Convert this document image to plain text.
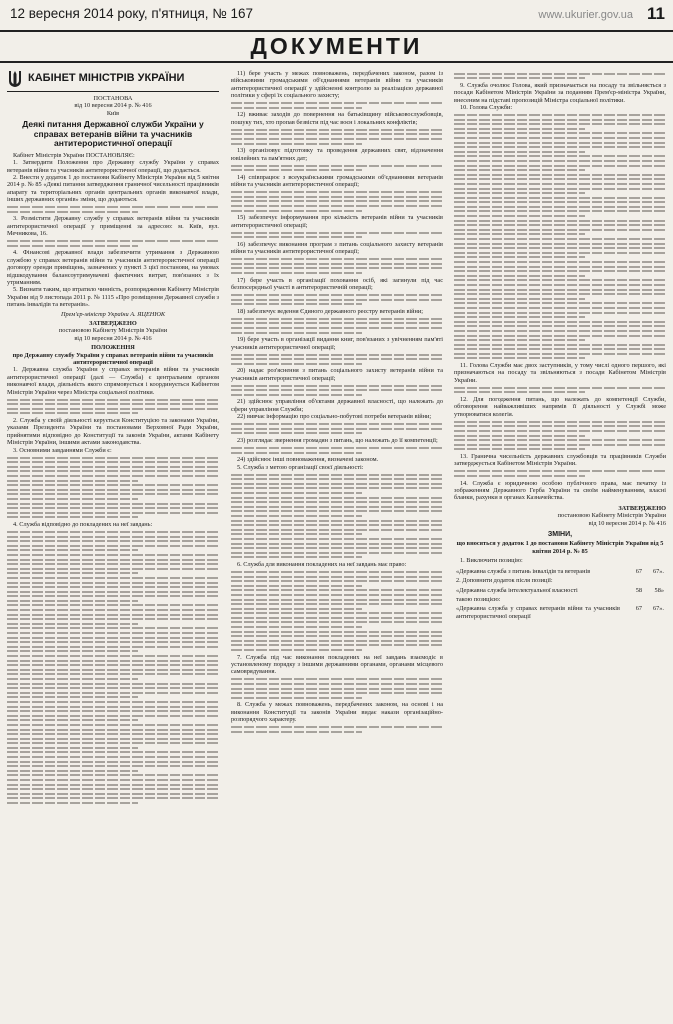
12 вересня 2014 року, п'ятниця, № 167	www.ukurier.gov.ua 11
ДОКУМЕНТИ
КАБІНЕТ МІНІСТРІВ УКРАЇНИ

ПОСТАНОВА

від 10 вересня 2014 р. № 416

Київ

Деякі питання Державної служби України у справах ветеранів війни та учасників антитерористичної операції

Кабінет Міністрів України ПОСТАНОВЛЯЄ:

1. Затвердити Положення про Державну службу України у справах ветеранів війни та учасників антитерористичної операції, що додається.

2. Внести у додаток 1 до постанови Кабінету Міністрів України від 5 квітня 2014 р. № 85 «Деякі питання затвердження граничної чисельності працівників апарату та територіальних органів центральних органів виконавчої влади, інших державних органів» зміни, що додаються.

3. Розмістити Державну службу у справах ветеранів війни та учасників антитерористичної операції у приміщенні за адресою: м. Київ, вул. Мечникова, 16.

4. Фінансові державної влади забезпечити утримання з Державною службою у справах ветеранів війни та учасників антитерористичної операції договору оренди приміщень, зазначених у пункті 3 цієї постанови, на умовах відшкодування балансоутримувачеві фактичних витрат, пов'язаних з їх утриманням.

5. Визнати таким, що втратило чинність, розпорядження Кабінету Міністрів України від 9 листопада 2011 р. № 1115 «Про розміщення Державної служби з питань інвалідів та ветеранів».

Прем'єр-міністр України А. ЯЦЕНЮК

ЗАТВЕРДЖЕНО

постановою Кабінету Міністрів України

від 10 вересня 2014 р. № 416

ПОЛОЖЕННЯ

про Державну службу України у справах ветеранів війни та учасників антитерористичної операції

1. Державна служба України у справах ветеранів війни та учасників антитерористичної операції (далі — Служба) є центральним органом виконавчої влади, діяльність якого спрямовується і координується Кабінетом Міністрів України через Міністра соціальної політики.

2. Служба у своїй діяльності керується Конституцією та законами України, указами Президента України та постановами Верховної Ради України, прийнятими відповідно до Конституції та законів України, актами Кабінету Міністрів України, іншими актами законодавства.

3. Основними завданнями Служби є:

4. Служба відповідно до покладених на неї завдань:

11) бере участь у межах повноважень, передбачених законом, разом із військовими громадськими об'єднаннями ветеранів війни та учасників антитерористичної операції у здійсненні контролю за реалізацією державної політики у сфері їх соціального захисту;

12) вживає заходів до повернення на батьківщину військовослужбовців, пошуку тих, хто пропав безвісти під час воєн і локальних конфліктів;

13) організовує підготовку та проведення державних свят, відзначення ювілейних та пам'ятних дат;

14) співпрацює з всеукраїнськими громадськими об'єднаннями ветеранів війни та учасників антитерористичної операції;

15) забезпечує інформування про кількість ветеранів війни та учасників антитерористичної операції;

16) забезпечує виконання програм з питань соціального захисту ветеранів війни та учасників антитерористичної операції;

17) бере участь в організації поховання осіб, які загинули під час безпосередньої участі в антитерористичній операції;

18) забезпечує ведення Єдиного державного реєстру ветеранів війни;

19) бере участь в організації видання книг, пов'язаних з увічненням пам'яті учасників антитерористичної операції;

20) надає роз'яснення з питань соціального захисту ветеранів війни та учасників антитерористичної операції;

21) здійснює управління об'єктами державної власності, що належать до сфери управління Служби;

22) вивчає інформацію про соціально-побутові потреби ветеранів війни;

23) розглядає звернення громадян з питань, що належать до її компетенції;

24) здійснює інші повноваження, визначені законом.

5. Служба з метою організації своєї діяльності:

6. Служба для виконання покладених на неї завдань має право:

7. Служба під час виконання покладених на неї завдань взаємодіє в установленому порядку з іншими державними органами, органами місцевого самоврядування.

8. Служба у межах повноважень, передбачених законом, на основі і на виконання Конституції та законів України видає накази організаційно-розпорядчого характеру.

9. Служба очолює Голова, який призначається на посаду та звільняється з посади Кабінетом Міністрів України за поданням Прем'єр-міністра України, внесеним на підставі пропозицій Міністра соціальної політики.

10. Голова Служби:

11. Голова Служби має двох заступників, у тому числі одного першого, які призначаються на посаду та звільняються з посади Кабінетом Міністрів України.

12. Для погодження питань, що належать до компетенції Служби, обговорення найважливіших напрямів її діяльності у Службі може утворюватися колегія.

13. Гранична чисельність державних службовців та працівників Служби затверджується Кабінетом Міністрів України.

14. Служба є юридичною особою публічного права, має печатку із зображенням Державного Герба України та своїм найменуванням, власні бланки, рахунки в органах Казначейства.

ЗАТВЕРДЖЕНО

постановою Кабінету Міністрів України

від 10 вересня 2014 р. № 416

ЗМІНИ,

що вносяться у додаток 1 до постанови Кабінету Міністрів України від 5 квітня 2014 р. № 85

1. Виключити позицію:

«Державна служба з питань інвалідів та ветеранів	67	67».
2. Доповнити додаток після позиції:		
«Державна служба інтелектуальної власності	58	58»
такою позицією:		
«Державна служба у справах ветеранів війни та учасників антитерористичної операції	67	67».
